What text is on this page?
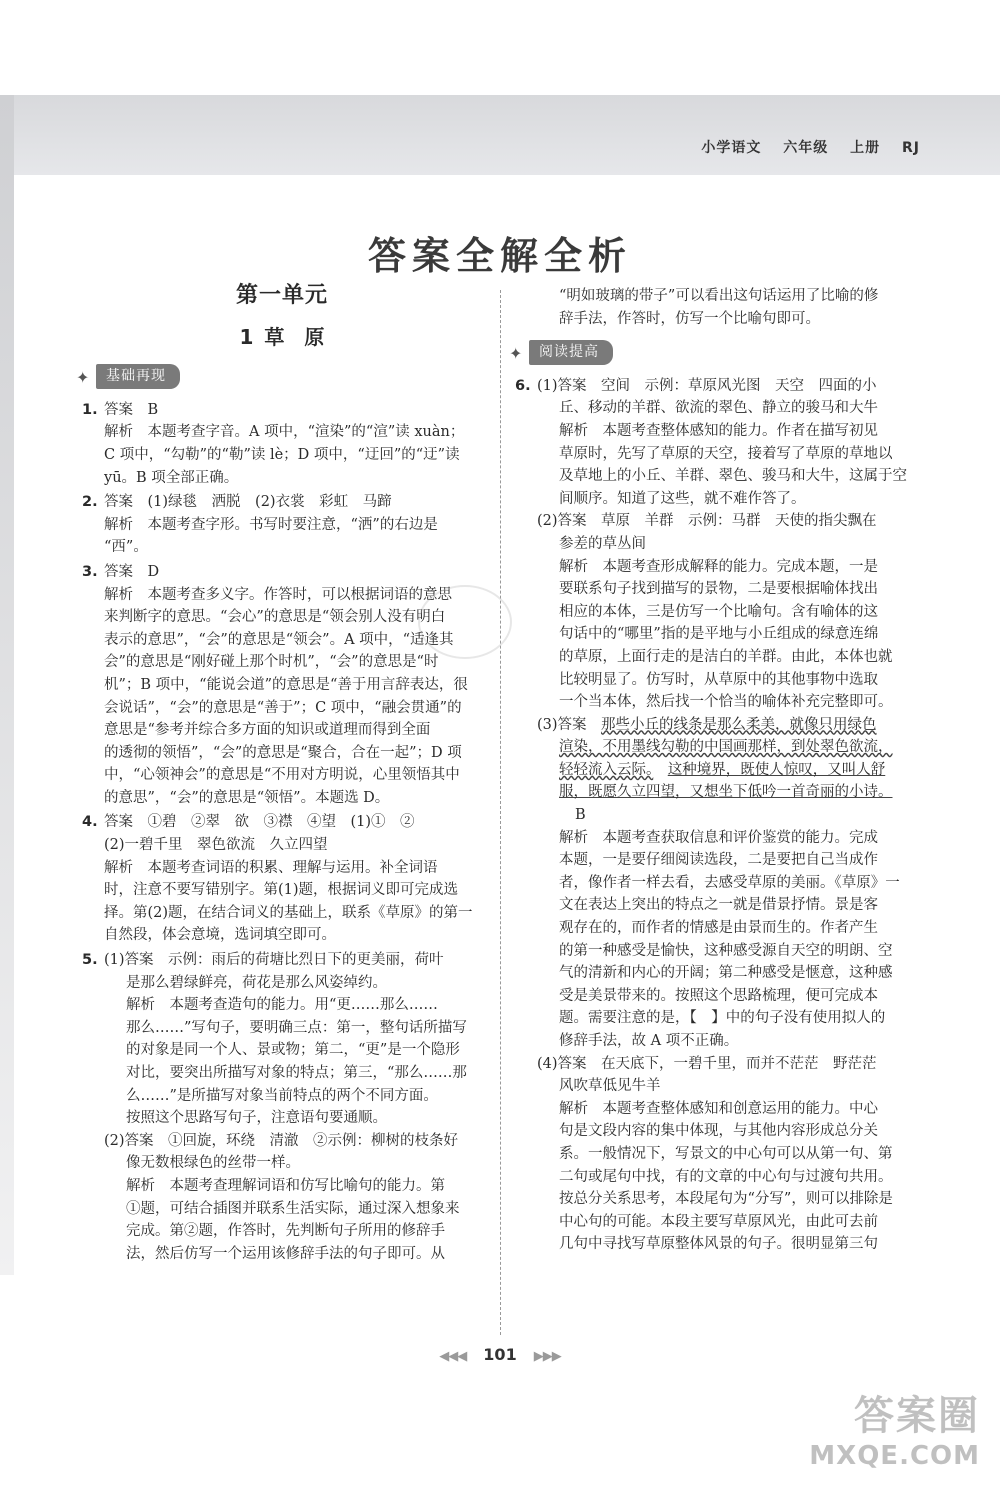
小学语文 六年级 上册 RJ
答案全解全析
第一单元
1 草　原
✦	基础再现
1. 答案　B
解析　本题考查字音。A 项中，“渲染”的“渲”读 xuàn；
C 项中，“勾勒”的“勒”读 lè；D 项中，“迂回”的“迂”读
yū。B 项全部正确。
2. 答案　(1)绿毯　洒脱　(2)衣裳　彩虹　马蹄
解析　本题考查字形。书写时要注意，“洒”的右边是
“西”。
3. 答案　D
解析　本题考查多义字。作答时，可以根据词语的意思
来判断字的意思。“会心”的意思是“领会别人没有明白
表示的意思”，“会”的意思是“领会”。A 项中，“适逢其
会”的意思是“刚好碰上那个时机”，“会”的意思是“时
机”；B 项中，“能说会道”的意思是“善于用言辞表达，很
会说话”，“会”的意思是“善于”；C 项中，“融会贯通”的
意思是“参考并综合多方面的知识或道理而得到全面
的透彻的领悟”，“会”的意思是“聚合，合在一起”；D 项
中，“心领神会”的意思是“不用对方明说，心里领悟其中
的意思”，“会”的意思是“领悟”。本题选 D。
4. 答案　①碧　②翠　欲　③襟　④望　(1)①　②
(2)一碧千里　翠色欲流　久立四望
解析　本题考查词语的积累、理解与运用。补全词语
时，注意不要写错别字。第(1)题，根据词义即可完成选
择。第(2)题，在结合词义的基础上，联系《草原》的第一
自然段，体会意境，选词填空即可。
5. (1)答案　示例：雨后的荷塘比烈日下的更美丽，荷叶
是那么碧绿鲜亮，荷花是那么风姿绰约。
解析　本题考查造句的能力。用“更……那么……
那么……”写句子，要明确三点：第一，整句话所描写
的对象是同一个人、景或物；第二，“更”是一个隐形
对比，要突出所描写对象的特点；第三，“那么……那
么……”是所描写对象当前特点的两个不同方面。
按照这个思路写句子，注意语句要通顺。
(2)答案　①回旋，环绕　清澈　②示例：柳树的枝条好
像无数根绿色的丝带一样。
解析　本题考查理解词语和仿写比喻句的能力。第
①题，可结合插图并联系生活实际，通过深入想象来
完成。第②题，作答时，先判断句子所用的修辞手
法，然后仿写一个运用该修辞手法的句子即可。从
“明如玻璃的带子”可以看出这句话运用了比喻的修
辞手法，作答时，仿写一个比喻句即可。
✦	阅读提高
6. (1)答案　空间　示例：草原风光图　天空　四面的小
丘、移动的羊群、欲流的翠色、静立的骏马和大牛
解析　本题考查整体感知的能力。作者在描写初见
草原时，先写了草原的天空，接着写了草原的草地以
及草地上的小丘、羊群、翠色、骏马和大牛，这属于空
间顺序。知道了这些，就不难作答了。
(2)答案　草原　羊群　示例：马群　天使的指尖飘在
参差的草丛间
解析　本题考查形成解释的能力。完成本题，一是
要联系句子找到描写的景物，二是要根据喻体找出
相应的本体，三是仿写一个比喻句。含有喻体的这
句话中的“哪里”指的是平地与小丘组成的绿意连绵
的草原，上面行走的是洁白的羊群。由此，本体也就
比较明显了。仿写时，从草原中的其他事物中选取
一个当本体，然后找一个恰当的喻体补充完整即可。
(3)答案　 那些小丘的线条是那么柔美，就像只用绿色
渲染，不用墨线勾勒的中国画那样，到处翠色欲流，
轻轻流入云际。　 这种境界，既使人惊叹，又叫人舒
服，既愿久立四望，又想坐下低吟一首奇丽的小诗。
B
解析　本题考查获取信息和评价鉴赏的能力。完成
本题，一是要仔细阅读选段，二是要把自己当成作
者，像作者一样去看，去感受草原的美丽。《草原》一
文在表达上突出的特点之一就是借景抒情。景是客
观存在的，而作者的情感是由景而生的。作者产生
的第一种感受是愉快，这种感受源自天空的明朗、空
气的清新和内心的开阔；第二种感受是惬意，这种感
受是美景带来的。按照这个思路梳理，便可完成本
题。需要注意的是，【　】中的句子没有使用拟人的
修辞手法，故 A 项不正确。
(4)答案　在天底下，一碧千里，而并不茫茫　野茫茫
风吹草低见牛羊
解析　本题考查整体感知和创意运用的能力。中心
句是文段内容的集中体现，与其他内容形成总分关
系。一般情况下，写景文的中心句可以从第一句、第
二句或尾句中找，有的文章的中心句与过渡句共用。
按总分关系思考，本段尾句为“分写”，则可以排除是
中心句的可能。本段主要写草原风光，由此可去前
几句中寻找写草原整体风景的句子。很明显第三句
◀◀◀ 101 ▶▶▶
答案圈
MXQE.COM
